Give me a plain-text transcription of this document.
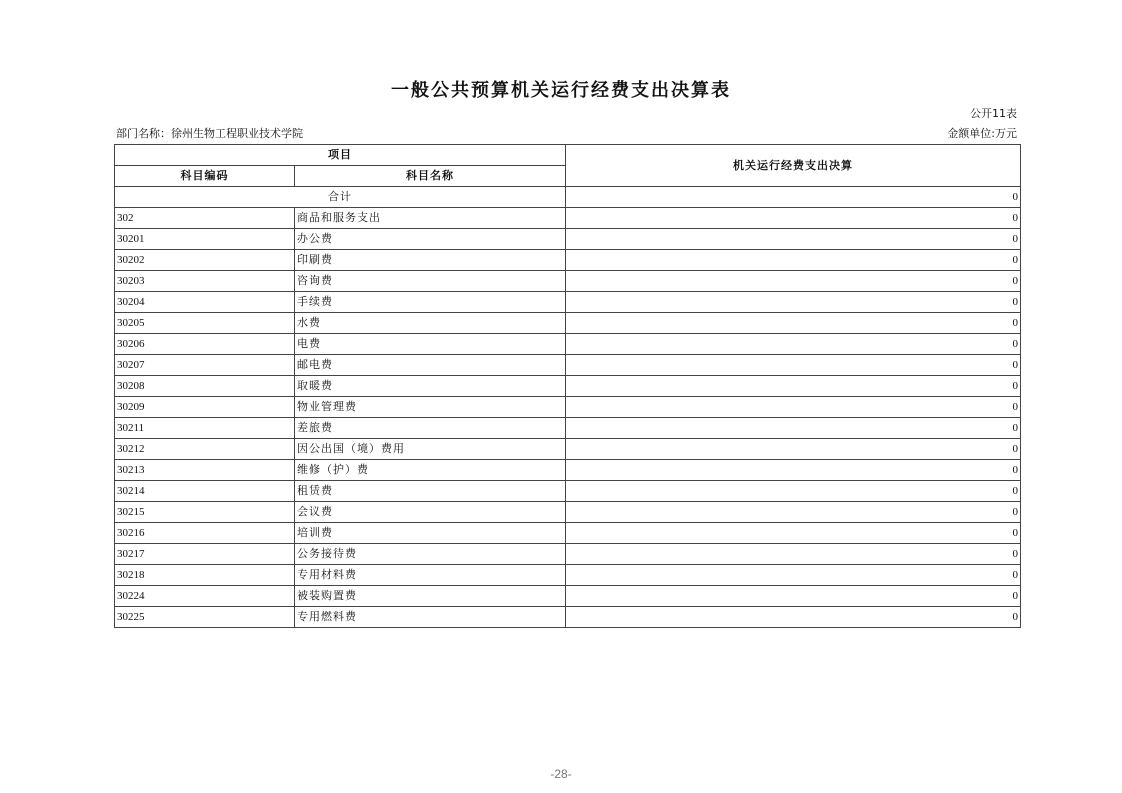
一般公共预算机关运行经费支出决算表
公开11表
部门名称：徐州生物工程职业技术学院	金额单位:万元
项目		机关运行经费支出决算
科目编码	科目名称	
合计		0
302	商品和服务支出	0
30201	办公费	0
30202	印刷费	0
30203	咨询费	0
30204	手续费	0
30205	水费	0
30206	电费	0
30207	邮电费	0
30208	取暖费	0
30209	物业管理费	0
30211	差旅费	0
30212	因公出国（境）费用	0
30213	维修（护）费	0
30214	租赁费	0
30215	会议费	0
30216	培训费	0
30217	公务接待费	0
30218	专用材料费	0
30224	被装购置费	0
30225	专用燃料费	0
-28-
